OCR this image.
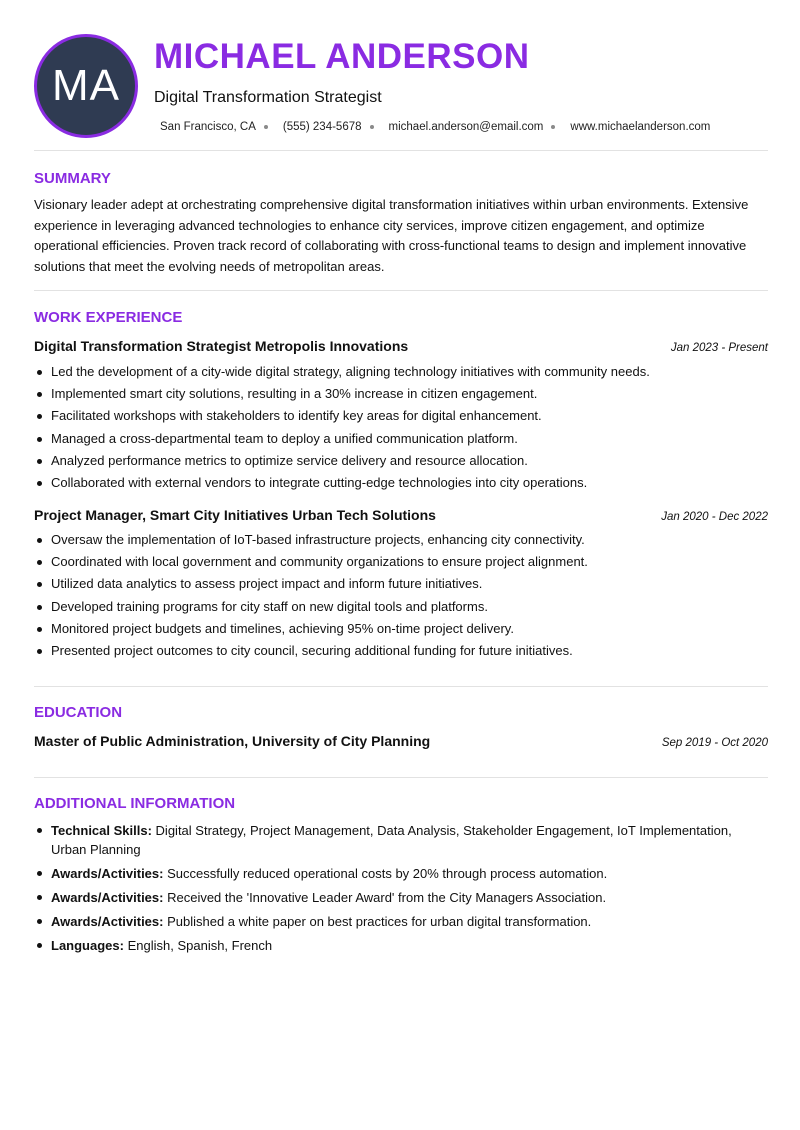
MA
MICHAEL ANDERSON
Digital Transformation Strategist
San Francisco, CA (555) 234-5678 michael.anderson@email.com www.michaelanderson.com
SUMMARY

Visionary leader adept at orchestrating comprehensive digital transformation initiatives within urban environments. Extensive experience in leveraging advanced technologies to enhance city services, improve citizen engagement, and optimize operational efficiencies. Proven track record of collaborating with cross-functional teams to design and implement innovative solutions that meet the evolving needs of metropolitan areas.

WORK EXPERIENCE
Digital Transformation Strategist Metropolis Innovations	Jan 2023 - Present
Led the development of a city-wide digital strategy, aligning technology initiatives with community needs.
Implemented smart city solutions, resulting in a 30% increase in citizen engagement.
Facilitated workshops with stakeholders to identify key areas for digital enhancement.
Managed a cross-departmental team to deploy a unified communication platform.
Analyzed performance metrics to optimize service delivery and resource allocation.
Collaborated with external vendors to integrate cutting-edge technologies into city operations.
Project Manager, Smart City Initiatives Urban Tech Solutions	Jan 2020 - Dec 2022
Oversaw the implementation of IoT-based infrastructure projects, enhancing city connectivity.
Coordinated with local government and community organizations to ensure project alignment.
Utilized data analytics to assess project impact and inform future initiatives.
Developed training programs for city staff on new digital tools and platforms.
Monitored project budgets and timelines, achieving 95% on-time project delivery.
Presented project outcomes to city council, securing additional funding for future initiatives.
EDUCATION
Master of Public Administration, University of City Planning	Sep 2019 - Oct 2020
ADDITIONAL INFORMATION
Technical Skills: Digital Strategy, Project Management, Data Analysis, Stakeholder Engagement, IoT Implementation, Urban Planning
Awards/Activities: Successfully reduced operational costs by 20% through process automation.
Awards/Activities: Received the 'Innovative Leader Award' from the City Managers Association.
Awards/Activities: Published a white paper on best practices for urban digital transformation.
Languages: English, Spanish, French
